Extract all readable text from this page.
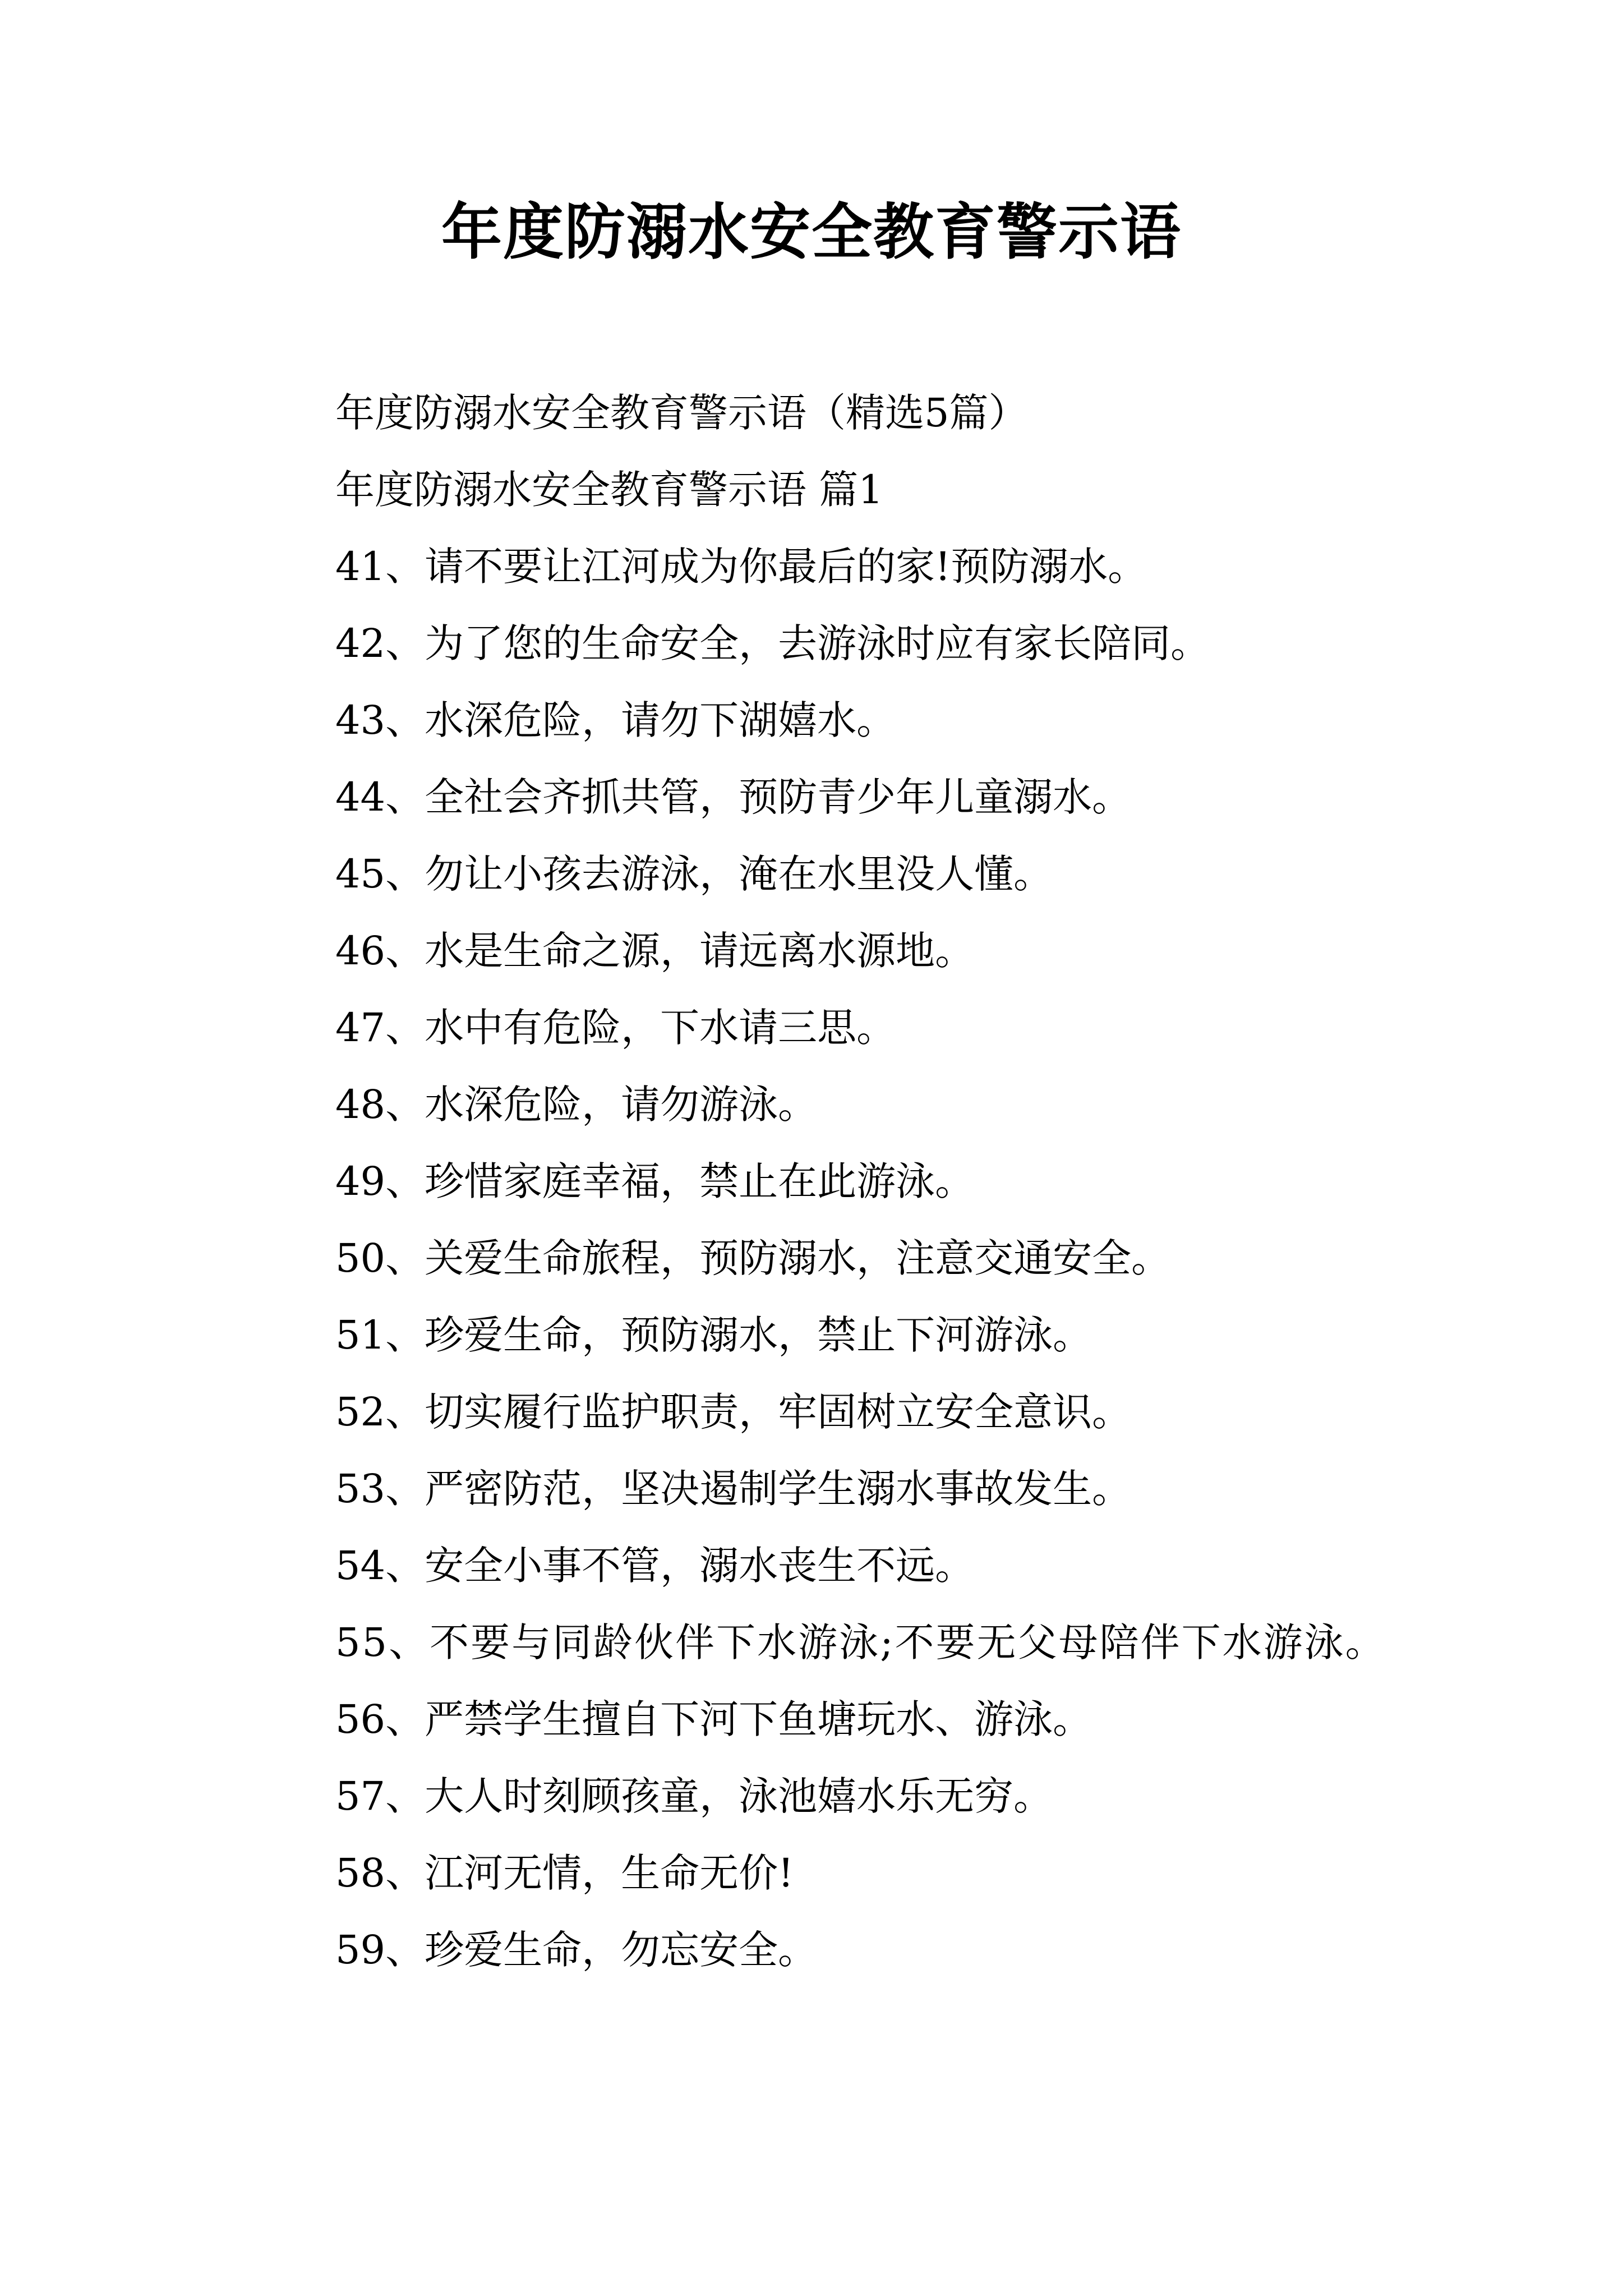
年度防溺水安全教育警示语

年度防溺水安全教育警示语（精选5篇）

年度防溺水安全教育警示语 篇1

41、请不要让江河成为你最后的家!预防溺水。

42、为了您的生命安全，去游泳时应有家长陪同。

43、水深危险，请勿下湖嬉水。

44、全社会齐抓共管，预防青少年儿童溺水。

45、勿让小孩去游泳，淹在水里没人懂。

46、水是生命之源，请远离水源地。

47、水中有危险，下水请三思。

48、水深危险，请勿游泳。

49、珍惜家庭幸福，禁止在此游泳。

50、关爱生命旅程，预防溺水，注意交通安全。

51、珍爱生命，预防溺水，禁止下河游泳。

52、切实履行监护职责，牢固树立安全意识。

53、严密防范，坚决遏制学生溺水事故发生。

54、安全小事不管，溺水丧生不远。

55、不要与同龄伙伴下水游泳;不要无父母陪伴下水游泳。

56、严禁学生擅自下河下鱼塘玩水、游泳。

57、大人时刻顾孩童，泳池嬉水乐无穷。

58、江河无情，生命无价!

59、珍爱生命，勿忘安全。
